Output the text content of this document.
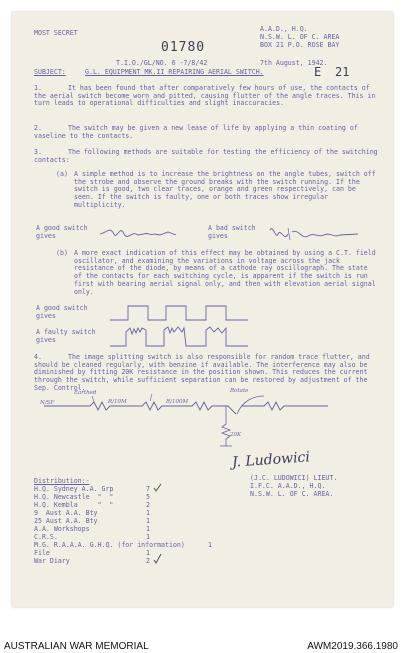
MOST SECRET
01780
A.A.D., H.Q.
N.S.W. L. OF C. AREA
BOX 21 P.O. ROSE BAY
T.I.O./GL/NO. 6 -7/8/42	7th August, 1942.
SUBJECT:	G.L. EQUIPMENT MK.II REPAIRING AERIAL SWITCH.	E 21
1.	It has been found that after comparatively few hours of use, the contacts of the aerial switch become worn and pitted, causing flutter of the angle traces. This in turn leads to operational difficulties and slight inaccuracies.
2.	The switch may be given a new lease of life by applying a thin coating of vaseline to the contacts.
3.	The following methods are suitable for testing the efficiency of the switching contacts:
(a) A simple method is to increase the brightness on the angle tubes, switch off the strobe and observe the ground breaks with the switch running. If the switch is good, two clear traces, orange and green respectively, can be seen. If the switch is faulty, one or both traces show irregular multiplicity.
A good switch
gives
A bad switch
gives
(b) A more exact indication of this effect may be obtained by using a C.T. field oscillator, and examining the variations in voltage across the jack resistance of the diode, by means of a cathode ray oscillograph. The state of the contacts for each switching cycle, is apparent if the switch is run first with bearing aerial signal only, and then with elevation aerial signal only.
A good switch
gives
A faulty switch
gives
4.	The image splitting switch is also responsible for random trace flutter, and should be cleaned regularly, with benzine if available. The interference may also be diminished by fitting 20K resistance in the position shown. This reduces the current through the switch, while sufficient separation can be restored by adjustment of the Sep. Control.
Earthed	Rotate
N/SF	R/10M	R/100M
20K
J. Ludowici
(J.C. LUDOWICI) LIEUT.
I.F.C. A.A.D., H.Q.
N.S.W. L. OF C. AREA.
Distribution:-
H.Q. Sydney A.A. Grp	7
H.Q. Newcastle  "  "	5
H.Q. Kembla     "  "	2
9  Aust A.A. Bty	1
25 Aust A.A. Bty	1
A.A. Workshops	1
C.R.S.	1
M.G. R.A.A.A. G.H.Q. (for information)	1
File	1
War Diary	2
AUSTRALIAN WAR MEMORIAL	AWM2019.366.1980
